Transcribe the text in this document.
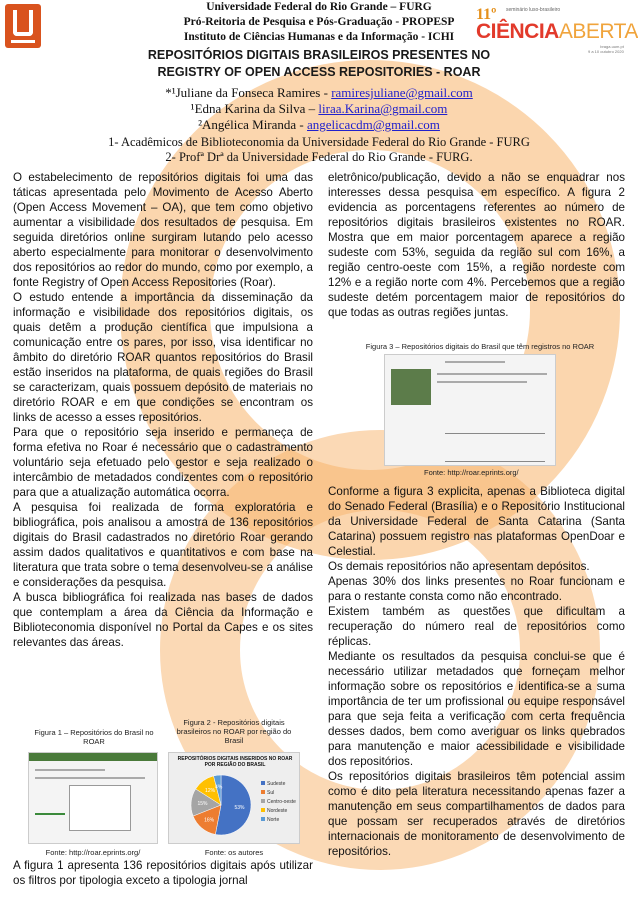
11º seminário luso-brasileiro
CIÊNCIAABERTA
braga.uum.pt
9 a 10 outubro 2020
Universidade Federal do Rio Grande – FURG
Pró-Reitoria de Pesquisa e Pós-Graduação - PROPESP
Instituto de Ciências Humanas e da Informação - ICHI
REPOSITÓRIOS DIGITAIS BRASILEIROS PRESENTES NO
REGISTRY OF OPEN ACCESS REPOSITORIES - ROAR
*¹Juliane da Fonseca Ramires - ramiresjuliane@gmail.com
¹Edna Karina da Silva – liraa.Karina@gmail.com
²Angélica Miranda - angelicacdm@gmail.com
1- Acadêmicos de Biblioteconomia da Universidade Federal do Rio Grande - FURG
2- Profª Drª da Universidade Federal do Rio Grande - FURG.

O estabelecimento de repositórios digitais foi uma das táticas apresentada pelo Movimento de Acesso Aberto (Open Access Movement – OA), que tem como objetivo aumentar a visibilidade dos resultados de pesquisa. Em seguida diretórios online surgiram lutando pelo acesso aberto especialmente para monitorar o desenvolvimento dos repositórios ao redor do mundo, como por exemplo, a fonte Registry of Open Access Repositories (Roar).

O estudo entende a importância da disseminação da informação e visibilidade dos repositórios digitais, os quais detêm a produção científica que impulsiona a comunicação entre os pares, por isso, visa identificar no âmbito do diretório ROAR quantos repositórios do Brasil estão inseridos na plataforma, de quais regiões do Brasil se caracterizam, quais possuem depósito de materiais no diretório ROAR e em que condições se encontram os links de acesso a esses repositórios.

Para que o repositório seja inserido e permaneça de forma efetiva no Roar é necessário que o cadastramento voluntário seja efetuado pelo gestor e seja realizado o intercâmbio de metadados condizentes com o repositório para que a atualização automática ocorra.

A pesquisa foi realizada de forma exploratória e bibliográfica, pois analisou a amostra de 136 repositórios digitais do Brasil cadastrados no diretório Roar gerando assim dados qualitativos e quantitativos e com base na literatura que trata sobre o tema desenvolveu-se a análise e considerações da pesquisa.

A busca bibliográfica foi realizada nas bases de dados que contemplam a área da Ciência da Informação e Biblioteconomia disponível no Portal da Capes e os sites relevantes das áreas.

Figura 1 – Repositórios do Brasil no ROAR
Fonte: http://roar.eprints.org/
Figura 2 - Repositórios digitais brasileiros no ROAR por região do Brasil
REPOSITÓRIOS DIGITAIS INSERIDOS NO ROAR POR REGIÃO DO BRASIL
53%
Sudeste
16%
Sul
15%	Centro-oeste
12%
Nordeste
4%
Norte
Fonte: os autores

A figura 1 apresenta 136 repositórios digitais após utilizar os filtros por tipologia exceto a tipologia jornal

eletrônico/publicação, devido a não se enquadrar nos interesses dessa pesquisa em específico. A figura 2 evidencia as porcentagens referentes ao número de repositórios digitais brasileiros existentes no ROAR. Mostra que em maior porcentagem aparece a região sudeste com 53%, seguida da região sul com 16%, a região centro-oeste com 15%, a região nordeste com 12% e a região norte com 4%. Percebemos que a região sudeste detém porcentagem maior de repositórios do que todas as outras regiões juntas.

Figura 3 – Repositórios digitais do Brasil que têm registros no ROAR
Fonte: http://roar.eprints.org/

Conforme a figura 3 explicita, apenas a Biblioteca digital do Senado Federal (Brasília) e o Repositório Institucional da Universidade Federal de Santa Catarina (Santa Catarina) possuem registro nas plataformas OpenDoar e Celestial.

Os demais repositórios não apresentam depósitos.

Apenas 30% dos links presentes no Roar funcionam e para o restante consta como não encontrado.

Existem também as questões que dificultam a recuperação do número real de repositórios como réplicas.

Mediante os resultados da pesquisa conclui-se que é necessário utilizar metadados que forneçam melhor informação sobre os repositórios e identifica-se a suma importância de ter um profissional ou equipe responsável para que seja feita a verificação com certa frequência desses dados, bem como averiguar os links quebrados para manutenção e maior acessibilidade e visibilidade dos repositórios.

Os repositórios digitais brasileiros têm potencial assim como é dito pela literatura necessitando apenas fazer a manutenção em seus compartilhamentos de dados para que possam ser recuperados através de diretórios internacionais de monitoramento de desenvolvimento de repositórios.
